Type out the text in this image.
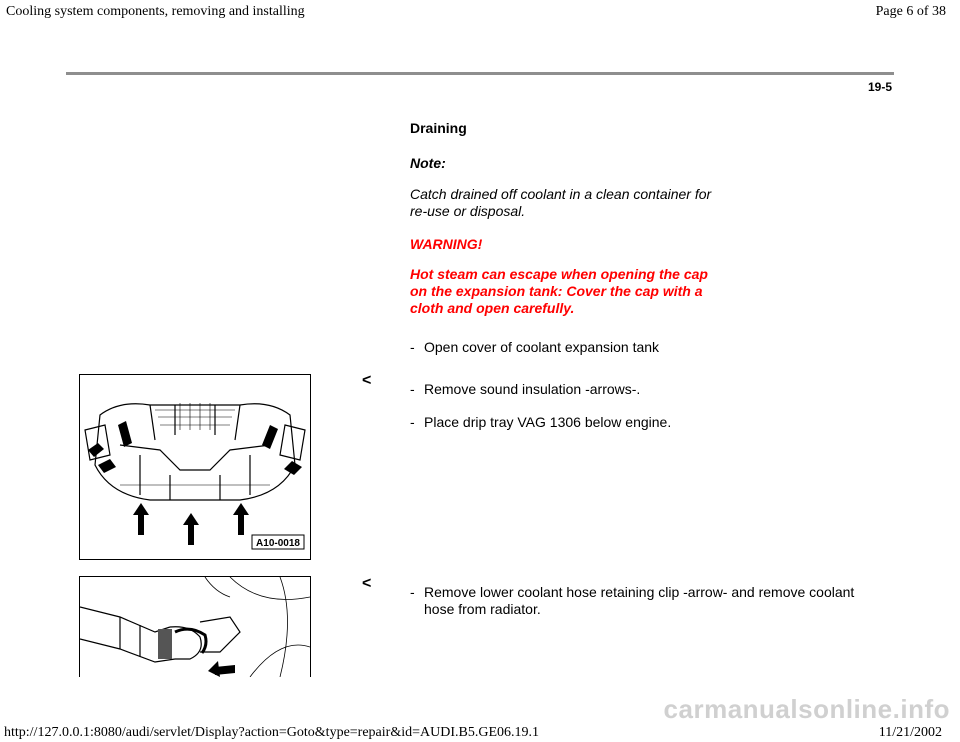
Cooling system components, removing and installing	Page 6 of 38
19-5
Draining
Note:
Catch drained off coolant in a clean container for
re-use or disposal.
WARNING!
Hot steam can escape when opening the cap
on the expansion tank: Cover the cap with a
cloth and open carefully.
- Open cover of coolant expansion tank
A10-0018
<	- Remove sound insulation -arrows-.
- Place drip tray VAG 1306 below engine.
<	- Remove lower coolant hose retaining clip -arrow- and remove coolant
hose from radiator.
carmanualsonline.info
http://127.0.0.1:8080/audi/servlet/Display?action=Goto&type=repair&id=AUDI.B5.GE06.19.1	11/21/2002
